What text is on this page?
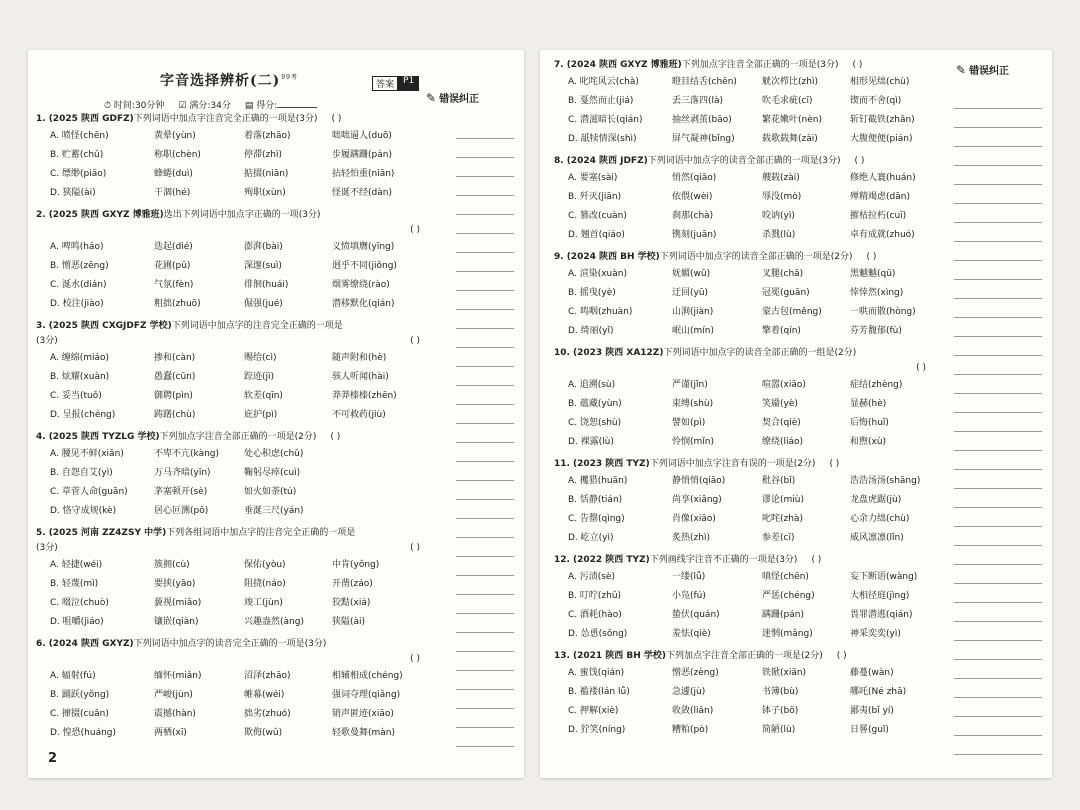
字音选择辨析(二)$^{99考}$
答案	P1
⏱ 时间:30分钟 ☑ 满分:34分 ▤ 得分:
✎ 错误纠正
1. (2025 陕西 GDFZ) 下列词语中加点字注音完全正确的一项是(3分) ( )
A. 喷怪(chēn)	黄晕(yùn)	着落(zhāo)	咄咄逼人(duō)
B. 贮蓄(chǔ)	称职(chèn)	停滞(zhì)	步履蹒跚(pán)
C. 缥缈(piǎo)	蜂蜷(duì)	掂掇(niān)	拈轻怕重(niān)
D. 狭隘(ài)	干涸(hé)	殉职(xùn)	怪诞不经(dàn)
2. (2025 陕西 GXYZ 博雅班) 选出下列词语中加点字正确的一项(3分)
( )
A. 啤鸣(háo)	迭起(dié)	澎湃(bài)	义愤填膺(yīng)
B. 憎恶(zēng)	花圃(pǔ)	深邃(suì)	迥乎不同(jiǒng)
C. 涎水(dián)	气氛(fèn)	徘徊(huái)	烟雾缭绕(rào)
D. 校注(jiào)	粗拙(zhuō)	倔强(jué)	潜移默化(qián)
3. (2025 陕西 CXGJDFZ 学校) 下列词语中加点字的注音完全正确的一项是
(3分)	( )
A. 缠绵(miáo)	掺和(càn)	赐给(cì)	随声附和(hè)
B. 炫耀(xuàn)	愚蠢(cūn)	踪迹(jì)	骇人听闻(hài)
C. 妥当(tuǒ)	御聘(pìn)	软差(qīn)	莽莽榛榛(zhēn)
D. 呈报(chéng)	踌躇(chù)	庇护(pì)	不可救药(jiù)
4. (2025 陕西 TYZLG 学校) 下列加点字注音全部正确的一项是(2分) ( )
A. 腰见不鲜(xiǎn)	不卑不亢(kàng)	处心积虑(chǔ)
B. 自怨自艾(yì)	万马齐喑(yīn)	鞠躬尽瘁(cuì)
C. 草菅人命(guān)	茅塞顿开(sè)	如火如荼(tú)
D. 恪守成规(kè)	居心叵测(pǒ)	垂涎三尺(yán)
5. (2025 河南 ZZ4ZSY 中学) 下列各组词语中加点字的注音完全正确的一项是
(3分)	( )
A. 轻捷(wéi)	簇拥(cù)	保佑(yòu)	中肯(yǒng)
B. 轻蔑(mì)	要挟(yāo)	阻挠(náo)	开凿(záo)
C. 啜泣(chuò)	藐视(miǎo)	竣工(jùn)	狡黠(xiá)
D. 咀嚼(jiáo)	镶嵌(qiàn)	兴趣盎然(àng)	狭隘(ài)
6. (2024 陕西 GXYZ) 下列词语中加点字的读音完全正确的一项是(3分)
( )
A. 辐射(fú)	缅怀(miǎn)	沼泽(zhāo)	相辅相成(chéng)
B. 踊跃(yǒng)	严峻(jùn)	帷幕(wéi)	强词夺理(qiǎng)
C. 撺掇(cuān)	震撼(hàn)	拙劣(zhuó)	销声匿迹(xiāo)
D. 惶恐(huáng)	两栖(xī)	欺侮(wǔ)	轻歌曼舞(màn)
2
✎ 错误纠正
7. (2024 陕西 GXYZ 博雅班) 下列加点字注音全部正确的一项是(3分) ( )
A. 叱咤风云(chà)	瞪目结舌(chēn)	觥次栉比(zhì)	相形见绌(chù)
B. 戛然而止(jiá)	丢三落四(là)	吹毛求疵(cī)	锲而不舍(qì)
C. 潜滋暗长(qián)	抽丝剥茧(bāo)	繁花嫩叶(nèn)	斩钉截铁(zhǎn)
D. 舐犊情深(shì)	屏气凝神(bǐng)	载歌载舞(zài)	大腹便便(pián)
8. (2024 陕西 JDFZ) 下列词语中加点字的读音全部正确的一项是(3分) ( )
A. 要塞(sài)	悄然(qiāo)	艘载(zài)	修绝人寰(huán)
B. 歼灭(jiān)	依偎(wèi)	辱没(mò)	殚精竭虑(dān)
C. 篡改(cuàn)	刹那(chà)	咬讷(yì)	摧枯拉朽(cuī)
D. 翘首(qiáo)	镌刻(juān)	杀戮(lù)	卓有成就(zhuó)
9. (2024 陕西 BH 学校) 下列词语中加点字的读音全部正确的一项是(2分) ( )
A. 渲染(xuàn)	妩媚(wǔ)	叉腿(chā)	黑魆魆(qū)
B. 摇曳(yè)	迂回(yū)	冠冕(guān)	悻悻然(xìng)
C. 鸣咽(zhuàn)	山涧(jiàn)	蒙古包(měng)	一哄而散(hòng)
D. 绮丽(yǐ)	岷山(mín)	擎着(qín)	芬芳馥郁(fù)
10. (2023 陕西 XA12Z) 下列词语中加点字的读音全部正确的一组是(2分)
( )
A. 追溯(sù)	严谨(jǐn)	喧嚣(xiāo)	症结(zhèng)
B. 蕴藏(yùn)	束缚(shù)	笑靥(yè)	显赫(hè)
C. 饶恕(shù)	譬如(pì)	契合(qiè)	后悔(huǐ)
D. 裸露(lù)	怜悯(mǐn)	缭绕(liáo)	和煦(xù)
11. (2023 陕西 TYZ) 下列词语中加点字注音有误的一项是(2分) ( )
A. 攫猎(huān)	静悄悄(qiāo)	秕谷(bǐ)	浩浩汤汤(shāng)
B. 恬静(tián)	尚享(xiǎng)	谬论(miù)	龙盘虎踞(jù)
C. 告罄(qìng)	肖像(xiāo)	叱咤(zhà)	心余力绌(chù)
D. 屹立(yì)	炙热(zhì)	参差(cī)	威风凛凛(lǐn)
12. (2022 陕西 TYZ) 下列画线字注音不正确的一项是(3分) ( )
A. 污渍(sè)	一缕(lǚ)	嗔怪(chēn)	妄下断语(wàng)
B. 叮咛(zhǔ)	小凫(fú)	严惩(chéng)	大相径庭(jìng)
C. 酒耗(hào)	蛰伏(quán)	蹒跚(pán)	畏罪潜逃(qián)
D. 怂恿(sǒng)	羞怯(qiè)	迷惘(mǎng)	神采奕奕(yì)
13. (2021 陕西 BH 学校) 下列加点字注音全部正确的一项是(2分) ( )
A. 蜜饯(qián)	憎恶(zèng)	铁锨(xiān)	藤蔓(wàn)
B. 褴褛(lán lǚ)	急遽(jù)	书簿(bù)	哪吒(Né zhā)
C. 押解(xiè)	收敛(liǎn)	钵子(bō)	鄙夷(bǐ yí)
D. 狞笑(níng)	糟粕(pò)	简陋(lù)	日晷(guǐ)
